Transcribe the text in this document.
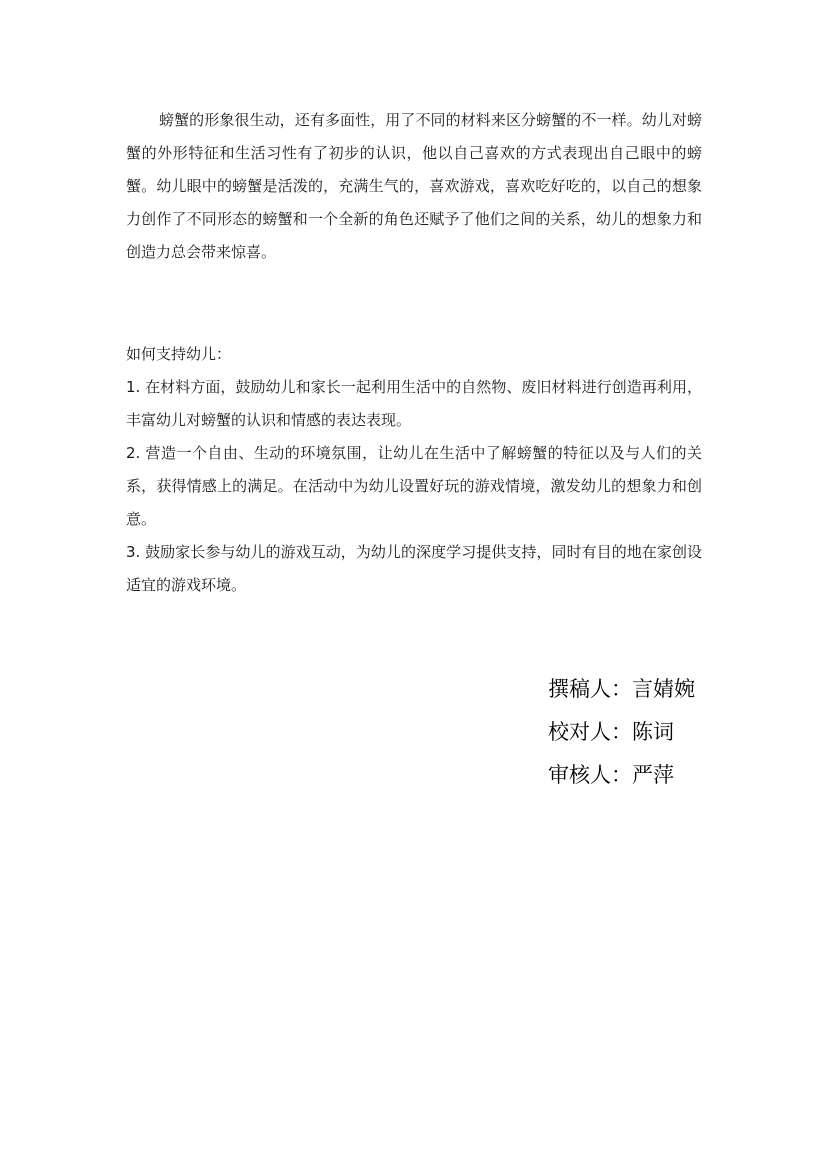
螃蟹的形象很生动，还有多面性，用了不同的材料来区分螃蟹的不一样。幼儿对螃蟹的外形特征和生活习性有了初步的认识，他以自己喜欢的方式表现出自己眼中的螃蟹。幼儿眼中的螃蟹是活泼的，充满生气的，喜欢游戏，喜欢吃好吃的，以自己的想象力创作了不同形态的螃蟹和一个全新的角色还赋予了他们之间的关系，幼儿的想象力和创造力总会带来惊喜。

如何支持幼儿：

1. 在材料方面，鼓励幼儿和家长一起利用生活中的自然物、废旧材料进行创造再利用，丰富幼儿对螃蟹的认识和情感的表达表现。
2. 营造一个自由、生动的环境氛围，让幼儿在生活中了解螃蟹的特征以及与人们的关系，获得情感上的满足。在活动中为幼儿设置好玩的游戏情境，激发幼儿的想象力和创意。
3. 鼓励家长参与幼儿的游戏互动，为幼儿的深度学习提供支持，同时有目的地在家创设适宜的游戏环境。
撰稿人：言婧婉
校对人：陈词
审核人：严萍
